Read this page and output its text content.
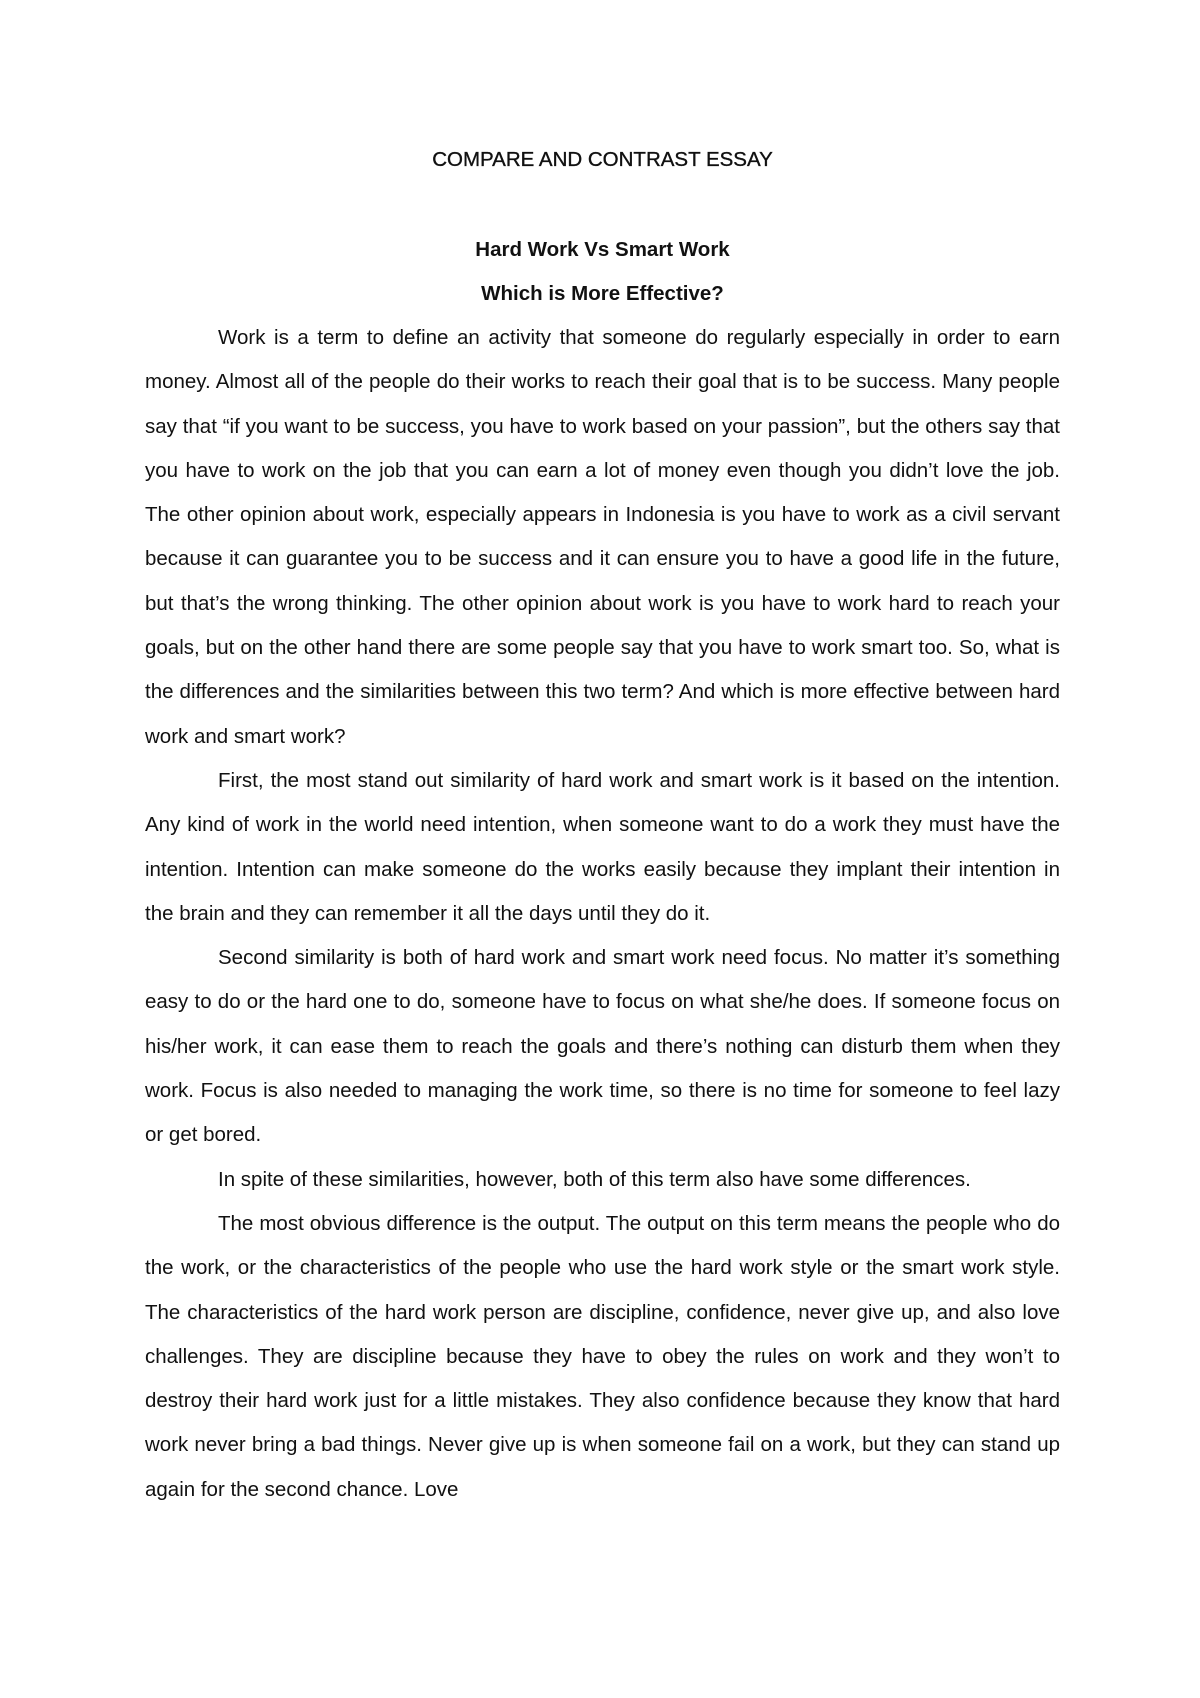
COMPARE AND CONTRAST ESSAY

Hard Work Vs Smart Work

Which is More Effective?

Work is a term to define an activity that someone do regularly especially in order to earn money. Almost all of the people do their works to reach their goal that is to be success. Many people say that “if you want to be success, you have to work based on your passion”, but the others say that you have to work on the job that you can earn a lot of money even though you didn’t love the job. The other opinion about work, especially appears in Indonesia is you have to work as a civil servant because it can guarantee you to be success and it can ensure you to have a good life in the future, but that’s the wrong thinking. The other opinion about work is you have to work hard to reach your goals, but on the other hand there are some people say that you have to work smart too. So, what is the differences and the similarities between this two term? And which is more effective between hard work and smart work?

First, the most stand out similarity of hard work and smart work is it based on the intention. Any kind of work in the world need intention, when someone want to do a work they must have the intention. Intention can make someone do the works easily because they implant their intention in the brain and they can remember it all the days until they do it.

Second similarity is both of hard work and smart work need focus. No matter it’s something easy to do or the hard one to do, someone have to focus on what she/he does. If someone focus on his/her work, it can ease them to reach the goals and there’s nothing can disturb them when they work. Focus is also needed to managing the work time, so there is no time for someone to feel lazy or get bored.

In spite of these similarities, however, both of this term also have some differences.

The most obvious difference is the output. The output on this term means the people who do the work, or the characteristics of the people who use the hard work style or the smart work style. The characteristics of the hard work person are discipline, confidence, never give up, and also love challenges. They are discipline because they have to obey the rules on work and they won’t to destroy their hard work just for a little mistakes. They also confidence because they know that hard work never bring a bad things. Never give up is when someone fail on a work, but they can stand up again for the second chance. Love
